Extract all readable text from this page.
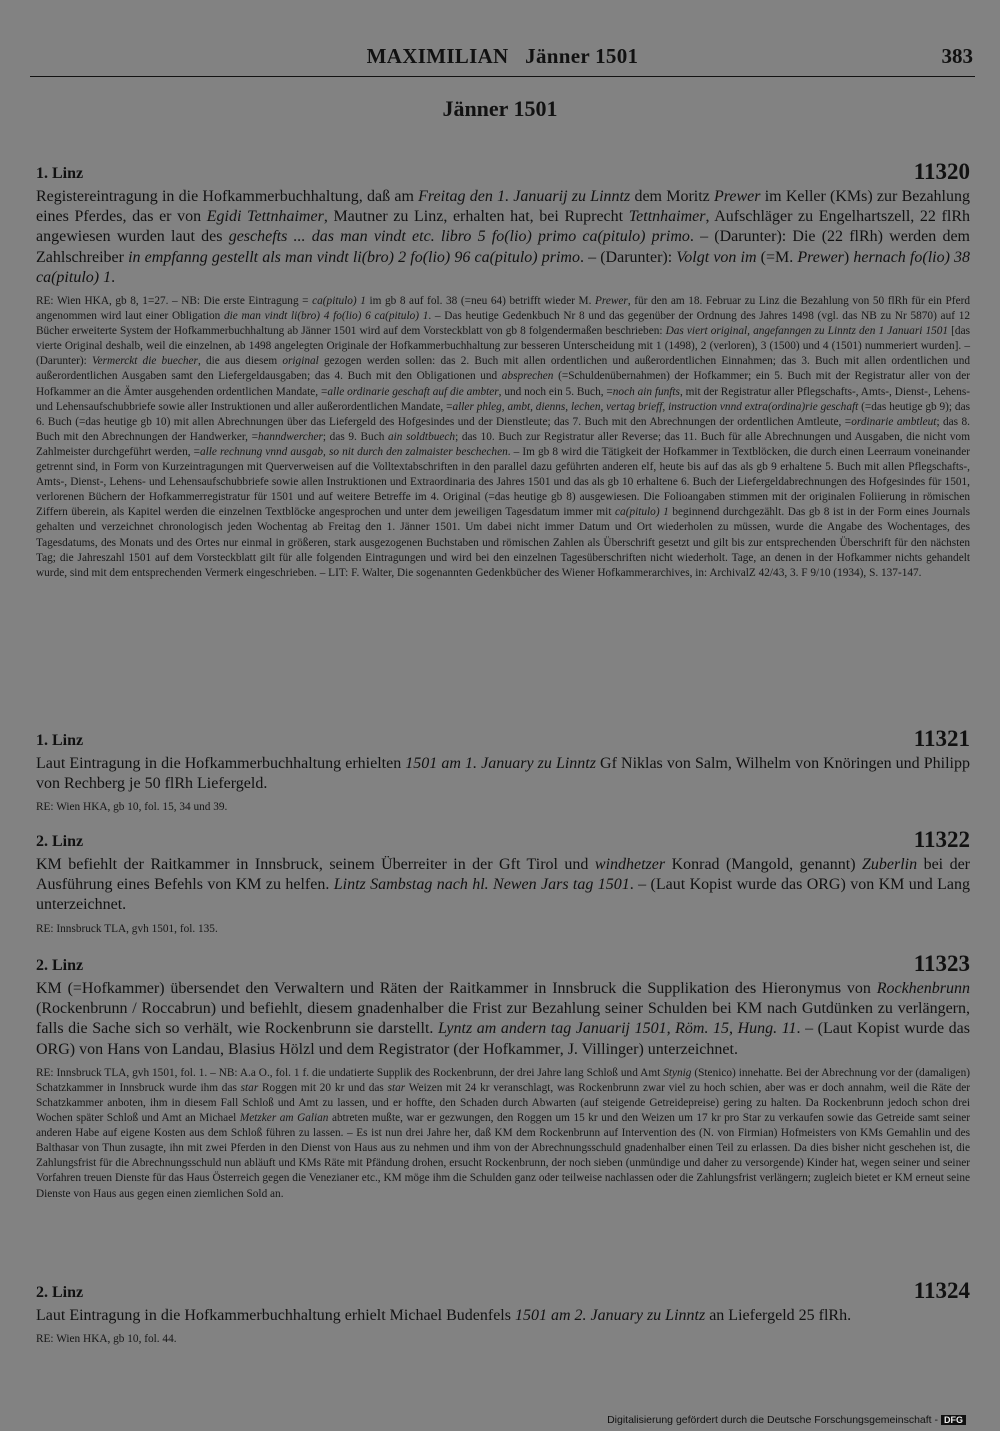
MAXIMILIAN   Jänner 1501	383
Jänner 1501
1. Linz	11320

Registereintragung in die Hofkammerbuchhaltung, daß am Freitag den 1. Januarij zu Linntz dem Moritz Prewer im Keller (KMs) zur Bezahlung eines Pferdes, das er von Egidi Tettnhaimer, Mautner zu Linz, erhalten hat, bei Ruprecht Tettnhaimer, Aufschläger zu Engelhartszell, 22 flRh angewiesen wurden laut des geschefts ... das man vindt etc. libro 5 fo(lio) primo ca(pitulo) primo. – (Darunter): Die (22 flRh) werden dem Zahlschreiber in empfanng gestellt als man vindt li(bro) 2 fo(lio) 96 ca(pitulo) primo. – (Darunter): Volgt von im (=M. Prewer) hernach fo(lio) 38 ca(pitulo) 1.

RE: Wien HKA, gb 8, 1=27. – NB: Die erste Eintragung = ca(pitulo) 1 im gb 8 auf fol. 38 (=neu 64) betrifft wieder M. Prewer, für den am 18. Februar zu Linz die Bezahlung von 50 flRh für ein Pferd angenommen wird laut einer Obligation die man vindt li(bro) 4 fo(lio) 6 ca(pitulo) 1. – Das heutige Gedenkbuch Nr 8 und das gegenüber der Ordnung des Jahres 1498 (vgl. das NB zu Nr 5870) auf 12 Bücher erweiterte System der Hofkammerbuchhaltung ab Jänner 1501 wird auf dem Vorsteckblatt von gb 8 folgendermaßen beschrieben: Das viert original, angefanngen zu Linntz den 1 Januari 1501 [das vierte Original deshalb, weil die einzelnen, ab 1498 angelegten Originale der Hofkammerbuchhaltung zur besseren Unterscheidung mit 1 (1498), 2 (verloren), 3 (1500) und 4 (1501) nummeriert wurden]. – (Darunter): Vermerckt die buecher, die aus diesem original gezogen werden sollen: das 2. Buch mit allen ordentlichen und außerordentlichen Einnahmen; das 3. Buch mit allen ordentlichen und außerordentlichen Ausgaben samt den Liefergeldausgaben; das 4. Buch mit den Obligationen und absprechen (=Schuldenübernahmen) der Hofkammer; ein 5. Buch mit der Registratur aller von der Hofkammer an die Ämter ausgehenden ordentlichen Mandate, =alle ordinarie geschaft auf die ambter, und noch ein 5. Buch, =noch ain funfts, mit der Registratur aller Pflegschafts-, Amts-, Dienst-, Lehens- und Lehensaufschubbriefe sowie aller Instruktionen und aller außerordentlichen Mandate, =aller phleg, ambt, dienns, lechen, vertag brieff, instruction vnnd extra(ordina)rie geschaft (=das heutige gb 9); das 6. Buch (=das heutige gb 10) mit allen Abrechnungen über das Liefergeld des Hofgesindes und der Dienstleute; das 7. Buch mit den Abrechnungen der ordentlichen Amtleute, =ordinarie ambtleut; das 8. Buch mit den Abrechnungen der Handwerker, =hanndwercher; das 9. Buch ain soldtbuech; das 10. Buch zur Registratur aller Reverse; das 11. Buch für alle Abrechnungen und Ausgaben, die nicht vom Zahlmeister durchgeführt werden, =alle rechnung vnnd ausgab, so nit durch den zalmaister beschechen. – Im gb 8 wird die Tätigkeit der Hofkammer in Textblöcken, die durch einen Leerraum voneinander getrennt sind, in Form von Kurzeintragungen mit Querverweisen auf die Volltextabschriften in den parallel dazu geführten anderen elf, heute bis auf das als gb 9 erhaltene 5. Buch mit allen Pflegschafts-, Amts-, Dienst-, Lehens- und Lehensaufschubbriefe sowie allen Instruktionen und Extraordinaria des Jahres 1501 und das als gb 10 erhaltene 6. Buch der Liefergeldabrechnungen des Hofgesindes für 1501, verlorenen Büchern der Hofkammerregistratur für 1501 und auf weitere Betreffe im 4. Original (=das heutige gb 8) ausgewiesen. Die Folioangaben stimmen mit der originalen Foliierung in römischen Ziffern überein, als Kapitel werden die einzelnen Textblöcke angesprochen und unter dem jeweiligen Tagesdatum immer mit ca(pitulo) 1 beginnend durchgezählt. Das gb 8 ist in der Form eines Journals gehalten und verzeichnet chronologisch jeden Wochentag ab Freitag den 1. Jänner 1501. Um dabei nicht immer Datum und Ort wiederholen zu müssen, wurde die Angabe des Wochentages, des Tagesdatums, des Monats und des Ortes nur einmal in größeren, stark ausgezogenen Buchstaben und römischen Zahlen als Überschrift gesetzt und gilt bis zur entsprechenden Überschrift für den nächsten Tag; die Jahreszahl 1501 auf dem Vorsteckblatt gilt für alle folgenden Eintragungen und wird bei den einzelnen Tagesüberschriften nicht wiederholt. Tage, an denen in der Hofkammer nichts gehandelt wurde, sind mit dem entsprechenden Vermerk eingeschrieben. – LIT: F. Walter, Die sogenannten Gedenkbücher des Wiener Hofkammerarchives, in: ArchivalZ 42/43, 3. F 9/10 (1934), S. 137-147.

1. Linz	11321

Laut Eintragung in die Hofkammerbuchhaltung erhielten 1501 am 1. January zu Linntz Gf Niklas von Salm, Wilhelm von Knöringen und Philipp von Rechberg je 50 flRh Liefergeld.

RE: Wien HKA, gb 10, fol. 15, 34 und 39.

2. Linz	11322

KM befiehlt der Raitkammer in Innsbruck, seinem Überreiter in der Gft Tirol und windhetzer Konrad (Mangold, genannt) Zuberlin bei der Ausführung eines Befehls von KM zu helfen. Lintz Sambstag nach hl. Newen Jars tag 1501. – (Laut Kopist wurde das ORG) von KM und Lang unterzeichnet.

RE: Innsbruck TLA, gvh 1501, fol. 135.

2. Linz	11323

KM (=Hofkammer) übersendet den Verwaltern und Räten der Raitkammer in Innsbruck die Supplikation des Hieronymus von Rockhenbrunn (Rockenbrunn / Roccabrun) und befiehlt, diesem gnadenhalber die Frist zur Bezahlung seiner Schulden bei KM nach Gutdünken zu verlängern, falls die Sache sich so verhält, wie Rockenbrunn sie darstellt. Lyntz am andern tag Januarij 1501, Röm. 15, Hung. 11. – (Laut Kopist wurde das ORG) von Hans von Landau, Blasius Hölzl und dem Registrator (der Hofkammer, J. Villinger) unterzeichnet.

RE: Innsbruck TLA, gvh 1501, fol. 1. – NB: A.a O., fol. 1 f. die undatierte Supplik des Rockenbrunn, der drei Jahre lang Schloß und Amt Stynig (Stenico) innehatte. Bei der Abrechnung vor der (damaligen) Schatzkammer in Innsbruck wurde ihm das star Roggen mit 20 kr und das star Weizen mit 24 kr veranschlagt, was Rockenbrunn zwar viel zu hoch schien, aber was er doch annahm, weil die Räte der Schatzkammer anboten, ihm in diesem Fall Schloß und Amt zu lassen, und er hoffte, den Schaden durch Abwarten (auf steigende Getreidepreise) gering zu halten. Da Rockenbrunn jedoch schon drei Wochen später Schloß und Amt an Michael Metzker am Galian abtreten mußte, war er gezwungen, den Roggen um 15 kr und den Weizen um 17 kr pro Star zu verkaufen sowie das Getreide samt seiner anderen Habe auf eigene Kosten aus dem Schloß führen zu lassen. – Es ist nun drei Jahre her, daß KM dem Rockenbrunn auf Intervention des (N. von Firmian) Hofmeisters von KMs Gemahlin und des Balthasar von Thun zusagte, ihn mit zwei Pferden in den Dienst von Haus aus zu nehmen und ihm von der Abrechnungsschuld gnadenhalber einen Teil zu erlassen. Da dies bisher nicht geschehen ist, die Zahlungsfrist für die Abrechnungsschuld nun abläuft und KMs Räte mit Pfändung drohen, ersucht Rockenbrunn, der noch sieben (unmündige und daher zu versorgende) Kinder hat, wegen seiner und seiner Vorfahren treuen Dienste für das Haus Österreich gegen die Venezianer etc., KM möge ihm die Schulden ganz oder teilweise nachlassen oder die Zahlungsfrist verlängern; zugleich bietet er KM erneut seine Dienste von Haus aus gegen einen ziemlichen Sold an.

2. Linz	11324

Laut Eintragung in die Hofkammerbuchhaltung erhielt Michael Budenfels 1501 am 2. January zu Linntz an Liefergeld 25 flRh.

RE: Wien HKA, gb 10, fol. 44.

Digitalisierung gefördert durch die Deutsche Forschungsgemeinschaft - DFG
